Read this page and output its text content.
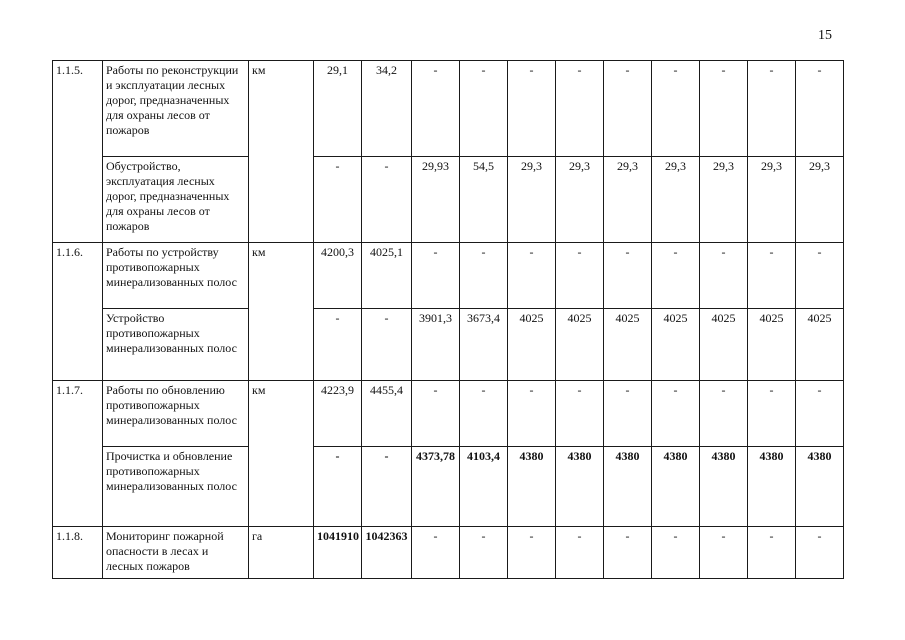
15
1.1.5.	Работы по реконструкции и эксплуатации лесных дорог, предназначенных для охраны лесов от пожаров	км	29,1	34,2	-	-	-	-	-	-	-	-	-
	Обустройство, эксплуатация лесных дорог, предназначенных для охраны лесов от пожаров		-	-	29,93	54,5	29,3	29,3	29,3	29,3	29,3	29,3	29,3
1.1.6.	Работы по устройству противопожарных минерализованных полос	км	4200,3	4025,1	-	-	-	-	-	-	-	-	-
	Устройство противопожарных минерализованных полос		-	-	3901,3	3673,4	4025	4025	4025	4025	4025	4025	4025
1.1.7.	Работы по обновлению противопожарных минерализованных полос	км	4223,9	4455,4	-	-	-	-	-	-	-	-	-
	Прочистка и обновление противопожарных минерализованных полос		-	-	4373,78	4103,4	4380	4380	4380	4380	4380	4380	4380
1.1.8.	Мониторинг пожарной опасности в лесах и лесных пожаров	га	1041910	1042363	-	-	-	-	-	-	-	-	-
